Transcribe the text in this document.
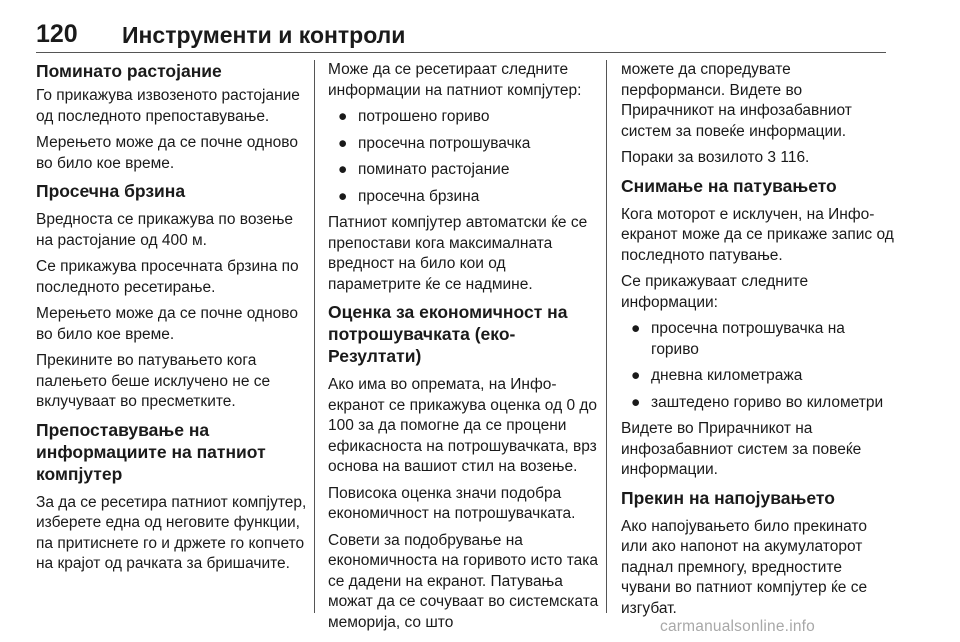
120 Инструменти и контроли
Поминато растојание

Го прикажува извозеното растојание од последното препоставување.

Мерењето може да се почне одново во било кое време.

Просечна брзина

Вредноста се прикажува по возење на растојание од 400 м.

Се прикажува просечната брзина по последното ресетирање.

Мерењето може да се почне одново во било кое време.

Прекините во патувањето кога палењето беше исклучено не се вклучуваат во пресметките.

Препоставување на информациите на патниот компјутер

За да се ресетира патниот компјутер, изберете една од неговите функции, па притиснете го и држете го копчето на крајот од рачката за бришачите.

Може да се ресетираат следните информации на патниот компјутер:

● потрошено гориво
● просечна потрошувачка
● поминато растојание
● просечна брзина

Патниот компјутер автоматски ќе се препостави кога максималната вредност на било кои од параметрите ќе се надмине.

Оценка за економичност на потрошувачката (еко-Резултати)

Ако има во опремата, на Инфо-екранот се прикажува оценка од 0 до 100 за да помогне да се процени ефикасноста на потрошувачката, врз основа на вашиот стил на возење.

Повисока оценка значи подобра економичност на потрошувачката.

Совети за подобрување на економичноста на горивото исто така се дадени на екранот. Патувања можат да се сочуваат во системската меморија, со што

можете да споредувате перформанси. Видете во Прирачникот на инфозабавниот систем за повеќе информации.

Пораки за возилото 3 116.

Снимање на патувањето

Кога моторот е исклучен, на Инфо-екранот може да се прикаже запис од последното патување.

Се прикажуваат следните информации:

● просечна потрошувачка на гориво
● дневна километража
● заштедено гориво во километри

Видете во Прирачникот на инфозабавниот систем за повеќе информации.

Прекин на напојувањето

Ако напојувањето било прекинато или ако напонот на акумулаторот паднал премногу, вредностите чувани во патниот компјутер ќе се изгубат.

carmanualsonline.info
